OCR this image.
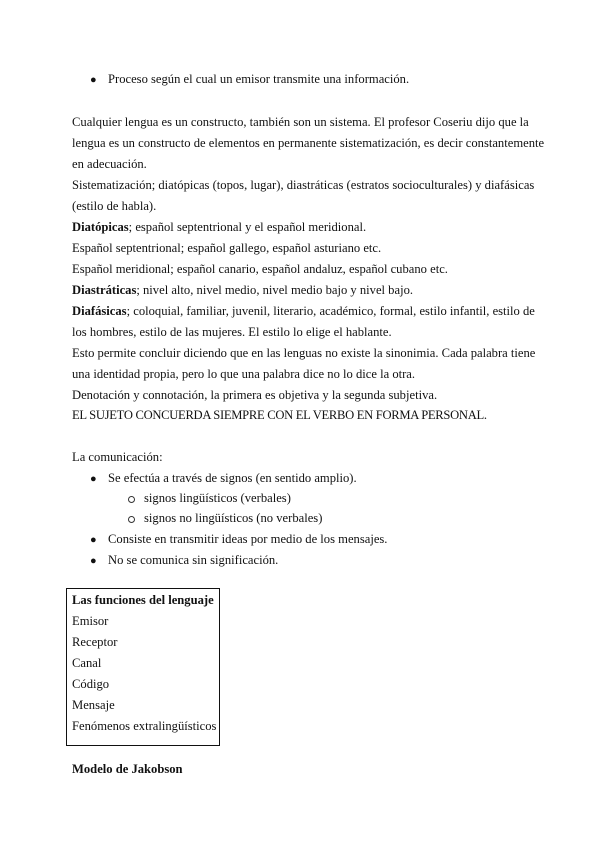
● Proceso según el cual un emisor transmite una información.
Cualquier lengua es un constructo, también son un sistema. El profesor Coseriu dijo que la
lengua es un constructo de elementos en permanente sistematización, es decir constantemente
en adecuación.
Sistematización; diatópicas (topos, lugar), diastráticas (estratos socioculturales) y diafásicas
(estilo de habla).
Diatópicas; español septentrional y el español meridional.
Español septentrional; español gallego, español asturiano etc.
Español meridional; español canario, español andaluz, español cubano etc.
Diastráticas; nivel alto, nivel medio, nivel medio bajo y nivel bajo.
Diafásicas; coloquial, familiar, juvenil, literario, académico, formal, estilo infantil, estilo de
los hombres, estilo de las mujeres. El estilo lo elige el hablante.
Esto permite concluir diciendo que en las lenguas no existe la sinonimia. Cada palabra tiene
una identidad propia, pero lo que una palabra dice no lo dice la otra.
Denotación y connotación, la primera es objetiva y la segunda subjetiva.
EL SUJETO CONCUERDA SIEMPRE CON EL VERBO EN FORMA PERSONAL.
La comunicación:
● Se efectúa a través de signos (en sentido amplio).
signos lingüísticos (verbales)
signos no lingüísticos (no verbales)
● Consiste en transmitir ideas por medio de los mensajes.
● No se comunica sin significación.
Las funciones del lenguaje
Emisor
Receptor
Canal
Código
Mensaje
Fenómenos extralingüísticos
Modelo de Jakobson
